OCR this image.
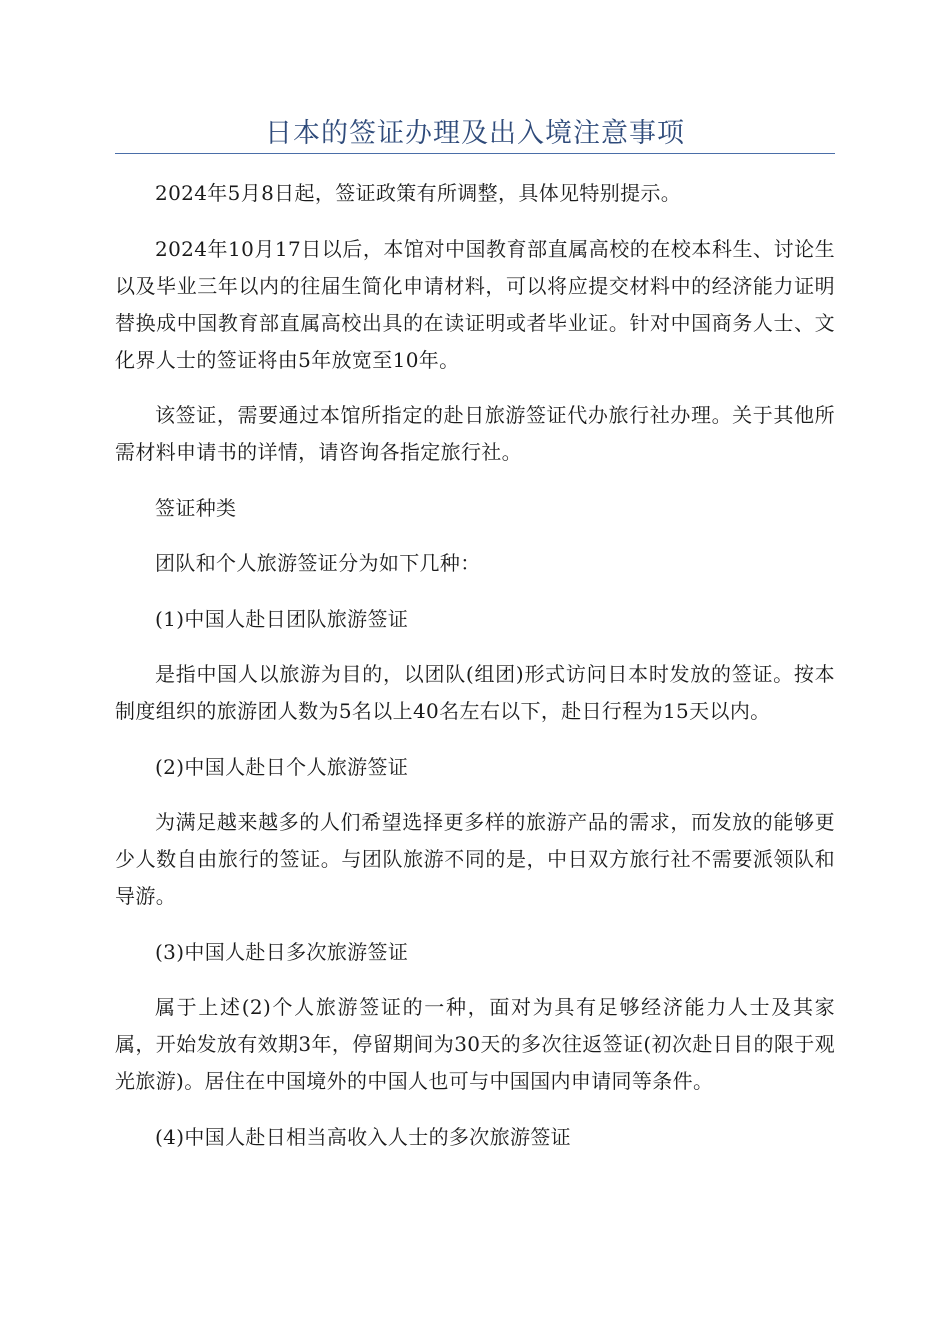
日本的签证办理及出入境注意事项

2024年5月8日起，签证政策有所调整，具体见特别提示。

2024年10月17日以后，本馆对中国教育部直属高校的在校本科生、讨论生以及毕业三年以内的往届生简化申请材料，可以将应提交材料中的经济能力证明替换成中国教育部直属高校出具的在读证明或者毕业证。针对中国商务人士、文化界人士的签证将由5年放宽至10年。

该签证，需要通过本馆所指定的赴日旅游签证代办旅行社办理。关于其他所需材料申请书的详情，请咨询各指定旅行社。

签证种类

团队和个人旅游签证分为如下几种：

(1)中国人赴日团队旅游签证

是指中国人以旅游为目的，以团队(组团)形式访问日本时发放的签证。按本制度组织的旅游团人数为5名以上40名左右以下，赴日行程为15天以内。

(2)中国人赴日个人旅游签证

为满足越来越多的人们希望选择更多样的旅游产品的需求，而发放的能够更少人数自由旅行的签证。与团队旅游不同的是，中日双方旅行社不需要派领队和导游。

(3)中国人赴日多次旅游签证

属于上述(2)个人旅游签证的一种，面对为具有足够经济能力人士及其家属，开始发放有效期3年，停留期间为30天的多次往返签证(初次赴日目的限于观光旅游)。居住在中国境外的中国人也可与中国国内申请同等条件。

(4)中国人赴日相当高收入人士的多次旅游签证
